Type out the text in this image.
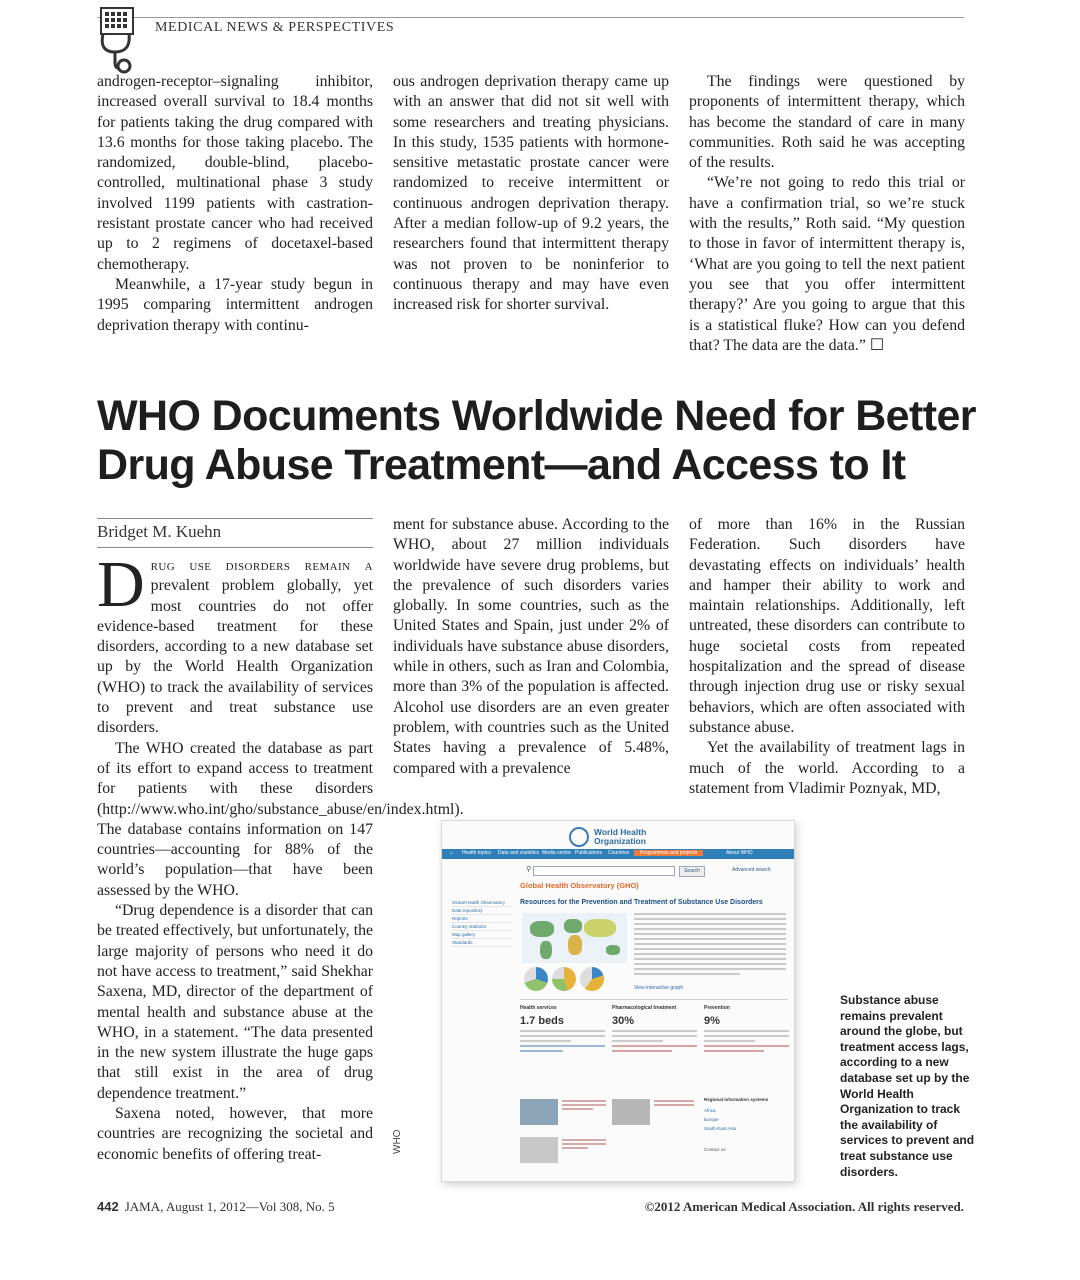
MEDICAL NEWS & PERSPECTIVES

androgen-receptor–signaling inhibitor, increased overall survival to 18.4 months for patients taking the drug compared with 13.6 months for those taking placebo. The randomized, double-blind, placebo-controlled, multinational phase 3 study involved 1199 patients with castration-resistant prostate cancer who had received up to 2 regimens of docetaxel-based chemotherapy.

Meanwhile, a 17-year study begun in 1995 comparing intermittent androgen deprivation therapy with continu-

ous androgen deprivation therapy came up with an answer that did not sit well with some researchers and treating physicians. In this study, 1535 patients with hormone-sensitive metastatic prostate cancer were randomized to receive intermittent or continuous androgen deprivation therapy. After a median follow-up of 9.2 years, the researchers found that intermittent therapy was not proven to be noninferior to continuous therapy and may have even increased risk for shorter survival.

The findings were questioned by proponents of intermittent therapy, which has become the standard of care in many communities. Roth said he was accepting of the results.

“We’re not going to redo this trial or have a confirmation trial, so we’re stuck with the results,” Roth said. “My question to those in favor of intermittent therapy is, ‘What are you going to tell the next patient you see that you offer intermittent therapy?’ Are you going to argue that this is a statistical fluke? How can you defend that? The data are the data.” ☐

WHO Documents Worldwide Need for Better Drug Abuse Treatment—and Access to It
Bridget M. Kuehn

Drug use disorders remain a prevalent problem globally, yet most countries do not offer evidence-based treatment for these disorders, according to a new database set up by the World Health Organization (WHO) to track the availability of services to prevent and treat substance use disorders.

The WHO created the database as part of its effort to expand access to treatment for patients with these disorders (http://www.who.int/gho/substance_abuse/en/index.html). The database contains information on 147 countries—accounting for 88% of the world’s population—that have been assessed by the WHO.

“Drug dependence is a disorder that can be treated effectively, but unfortunately, the large majority of persons who need it do not have access to treatment,” said Shekhar Saxena, MD, director of the department of mental health and substance abuse at the WHO, in a statement. “The data presented in the new system illustrate the huge gaps that still exist in the area of drug dependence treatment.”

Saxena noted, however, that more countries are recognizing the societal and economic benefits of offering treat-

ment for substance abuse. According to the WHO, about 27 million individuals worldwide have severe drug problems, but the prevalence of such disorders varies globally. In some countries, such as the United States and Spain, just under 2% of individuals have substance abuse disorders, while in others, such as Iran and Colombia, more than 3% of the population is affected. Alcohol use disorders are an even greater problem, with countries such as the United States having a prevalence of 5.48%, compared with a prevalence

of more than 16% in the Russian Federation. Such disorders have devastating effects on individuals’ health and hamper their ability to work and maintain relationships. Additionally, left untreated, these disorders can contribute to huge societal costs from repeated hospitalization and the spread of disease through injection drug use or risky sexual behaviors, which are often associated with substance abuse.

Yet the availability of treatment lags in much of the world. According to a statement from Vladimir Poznyak, MD,

World Health
Organization
⌂ Health topics Data and statistics Media centre Publications Countries	Programmes and projects	About WHO
⚲	Search	Advanced search
Global Health Observatory (GHO)
Global Health Observatory
Data repository
Reports
Country statistics
Map gallery
Standards
Resources for the Prevention and Treatment of Substance Use Disorders
View interactive graph
Health services
1.7 beds
Pharmacological treatment
30%
Prevention
9%
Regional information systems
Africa
Europe
South-East Asia
Contact us
WHO
Substance abuse remains prevalent around the globe, but treatment access lags, according to a new database set up by the World Health Organization to track the availability of services to prevent and treat substance use disorders.
442 JAMA, August 1, 2012—Vol 308, No. 5	©2012 American Medical Association. All rights reserved.
